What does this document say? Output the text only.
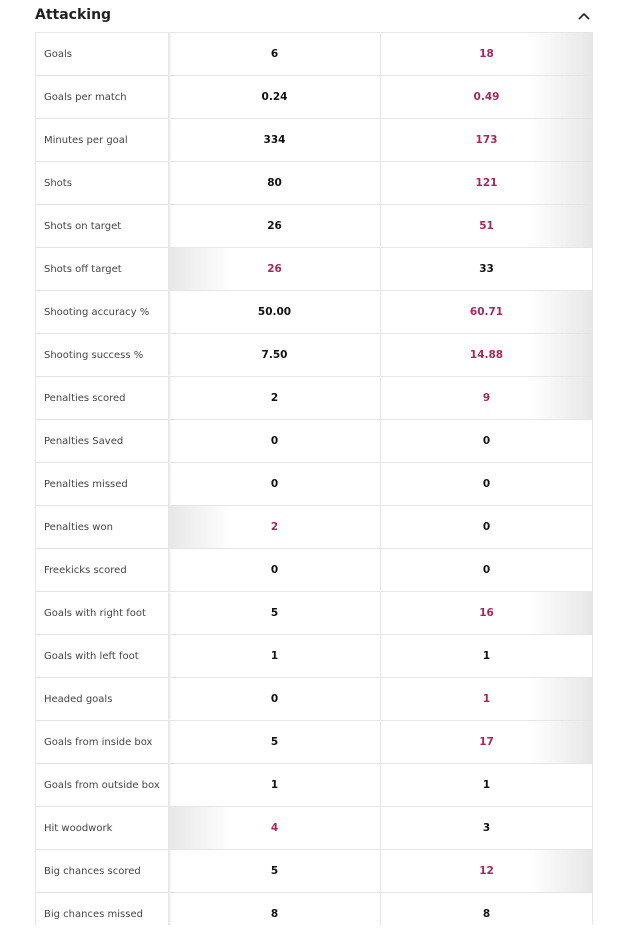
Attacking
Goals	6	18
Goals per match	0.24	0.49
Minutes per goal	334	173
Shots	80	121
Shots on target	26	51
Shots off target	26	33
Shooting accuracy %	50.00	60.71
Shooting success %	7.50	14.88
Penalties scored	2	9
Penalties Saved	0	0
Penalties missed	0	0
Penalties won	2	0
Freekicks scored	0	0
Goals with right foot	5	16
Goals with left foot	1	1
Headed goals	0	1
Goals from inside box	5	17
Goals from outside box	1	1
Hit woodwork	4	3
Big chances scored	5	12
Big chances missed	8	8
